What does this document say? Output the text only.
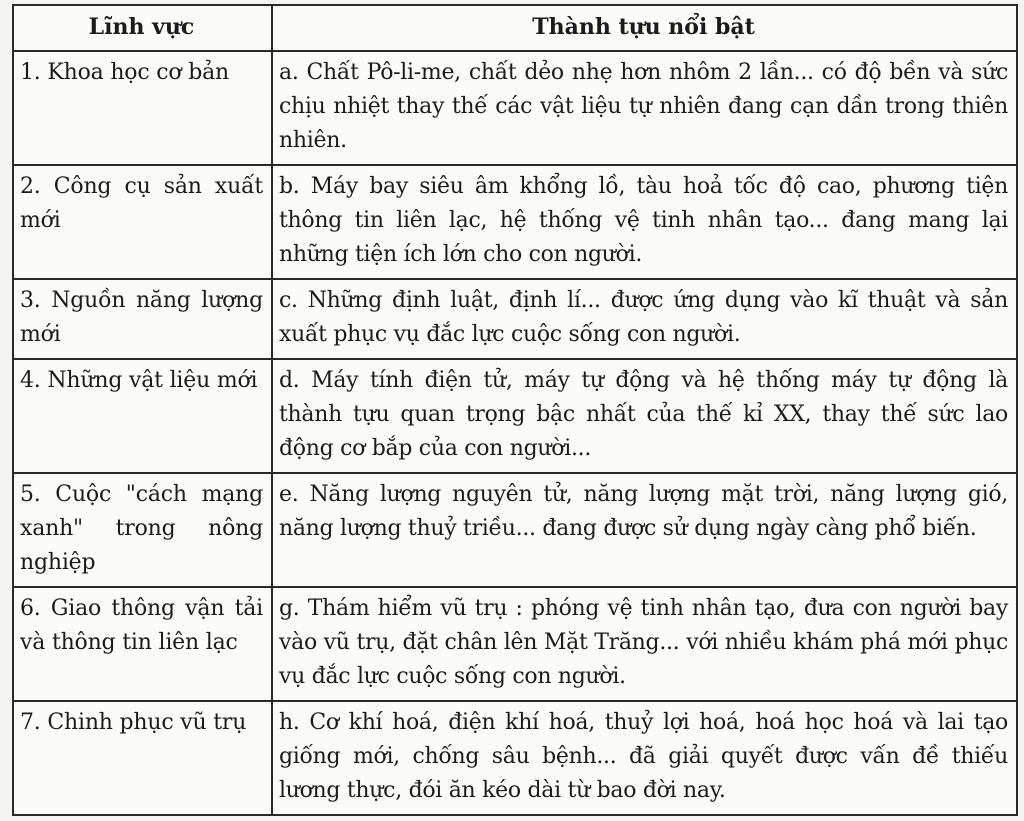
Lĩnh vực	Thành tựu nổi bật
1. Khoa học cơ bản	a. Chất Pô-li-me, chất dẻo nhẹ hơn nhôm 2 lần... có độ bền và sức chịu nhiệt thay thế các vật liệu tự nhiên đang cạn dần trong thiên nhiên.
2. Công cụ sản xuất mới	b. Máy bay siêu âm khổng lồ, tàu hoả tốc độ cao, phương tiện thông tin liên lạc, hệ thống vệ tinh nhân tạo... đang mang lại những tiện ích lớn cho con người.
3. Nguồn năng lượng mới	c. Những định luật, định lí... được ứng dụng vào kĩ thuật và sản xuất phục vụ đắc lực cuộc sống con người.
4. Những vật liệu mới	d. Máy tính điện tử, máy tự động và hệ thống máy tự động là thành tựu quan trọng bậc nhất của thế kỉ XX, thay thế sức lao động cơ bắp của con người...
5. Cuộc "cách mạng xanh" trong nông nghiệp	e. Năng lượng nguyên tử, năng lượng mặt trời, năng lượng gió, năng lượng thuỷ triều... đang được sử dụng ngày càng phổ biến.
6. Giao thông vận tải và thông tin liên lạc	g. Thám hiểm vũ trụ : phóng vệ tinh nhân tạo, đưa con người bay vào vũ trụ, đặt chân lên Mặt Trăng... với nhiều khám phá mới phục vụ đắc lực cuộc sống con người.
7. Chinh phục vũ trụ	h. Cơ khí hoá, điện khí hoá, thuỷ lợi hoá, hoá học hoá và lai tạo giống mới, chống sâu bệnh... đã giải quyết được vấn đề thiếu lương thực, đói ăn kéo dài từ bao đời nay.
